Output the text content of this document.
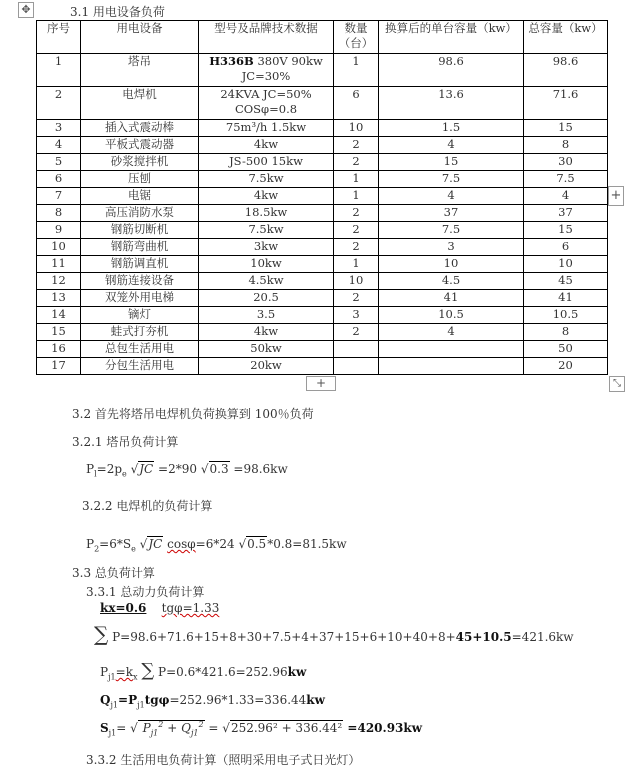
✥	3.1 用电设备负荷
序号	用电设备	型号及品牌技术数据	数量（台）	换算后的单台容量（kw）	总容量（kw）
1	塔吊	H336B 380V 90kw
JC=30%	1	98.6	98.6
2	电焊机	24KVA JC=50%
COSφ=0.8	6	13.6	71.6
3	插入式震动棒	75m³/h 1.5kw	10	1.5	15
4	平板式震动器	4kw	2	4	8
5	砂浆搅拌机	JS-500 15kw	2	15	30
6	压刨	7.5kw	1	7.5	7.5
7	电锯	4kw	1	4	4
8	高压消防水泵	18.5kw	2	37	37
9	钢筋切断机	7.5kw	2	7.5	15
10	钢筋弯曲机	3kw	2	3	6
11	钢筋调直机	10kw	1	10	10
12	钢筋连接设备	4.5kw	10	4.5	45
13	双笼外用电梯	20.5	2	41	41
14	镝灯	3.5	3	10.5	10.5
15	蛙式打夯机	4kw	2	4	8
16	总包生活用电	50kw			50
17	分包生活用电	20kw			20
+
+	⤡
3.2 首先将塔吊电焊机负荷换算到 100％负荷
3.2.1 塔吊负荷计算
$P_l=2p_e$ √JC =2*90 √0.3 =98.6kw
3.2.2 电焊机的负荷计算
$P_2=6*S_e$ √JC cosφ=6*24 √0.5*0.8=81.5kw
3.3 总负荷计算
3.3.1 总动力负荷计算
kx=0.6 tgφ=1.33
∑ P=98.6+71.6+15+8+30+7.5+4+37+15+6+10+40+8+45+10.5=421.6kw
$P_{j1}=k_x$ ∑ P=0.6*421.6=252.96kw
$Q_{j1}=P_{j1}tg\varphi=252.96*1.33=336.44kw$
$S_{j1}=$ √ $P_{j1}^2 + Q_{j1}^2 = √252.96^2 + 336.44^2 =420.93kw$
3.3.2 生活用电负荷计算（照明采用电子式日光灯）
